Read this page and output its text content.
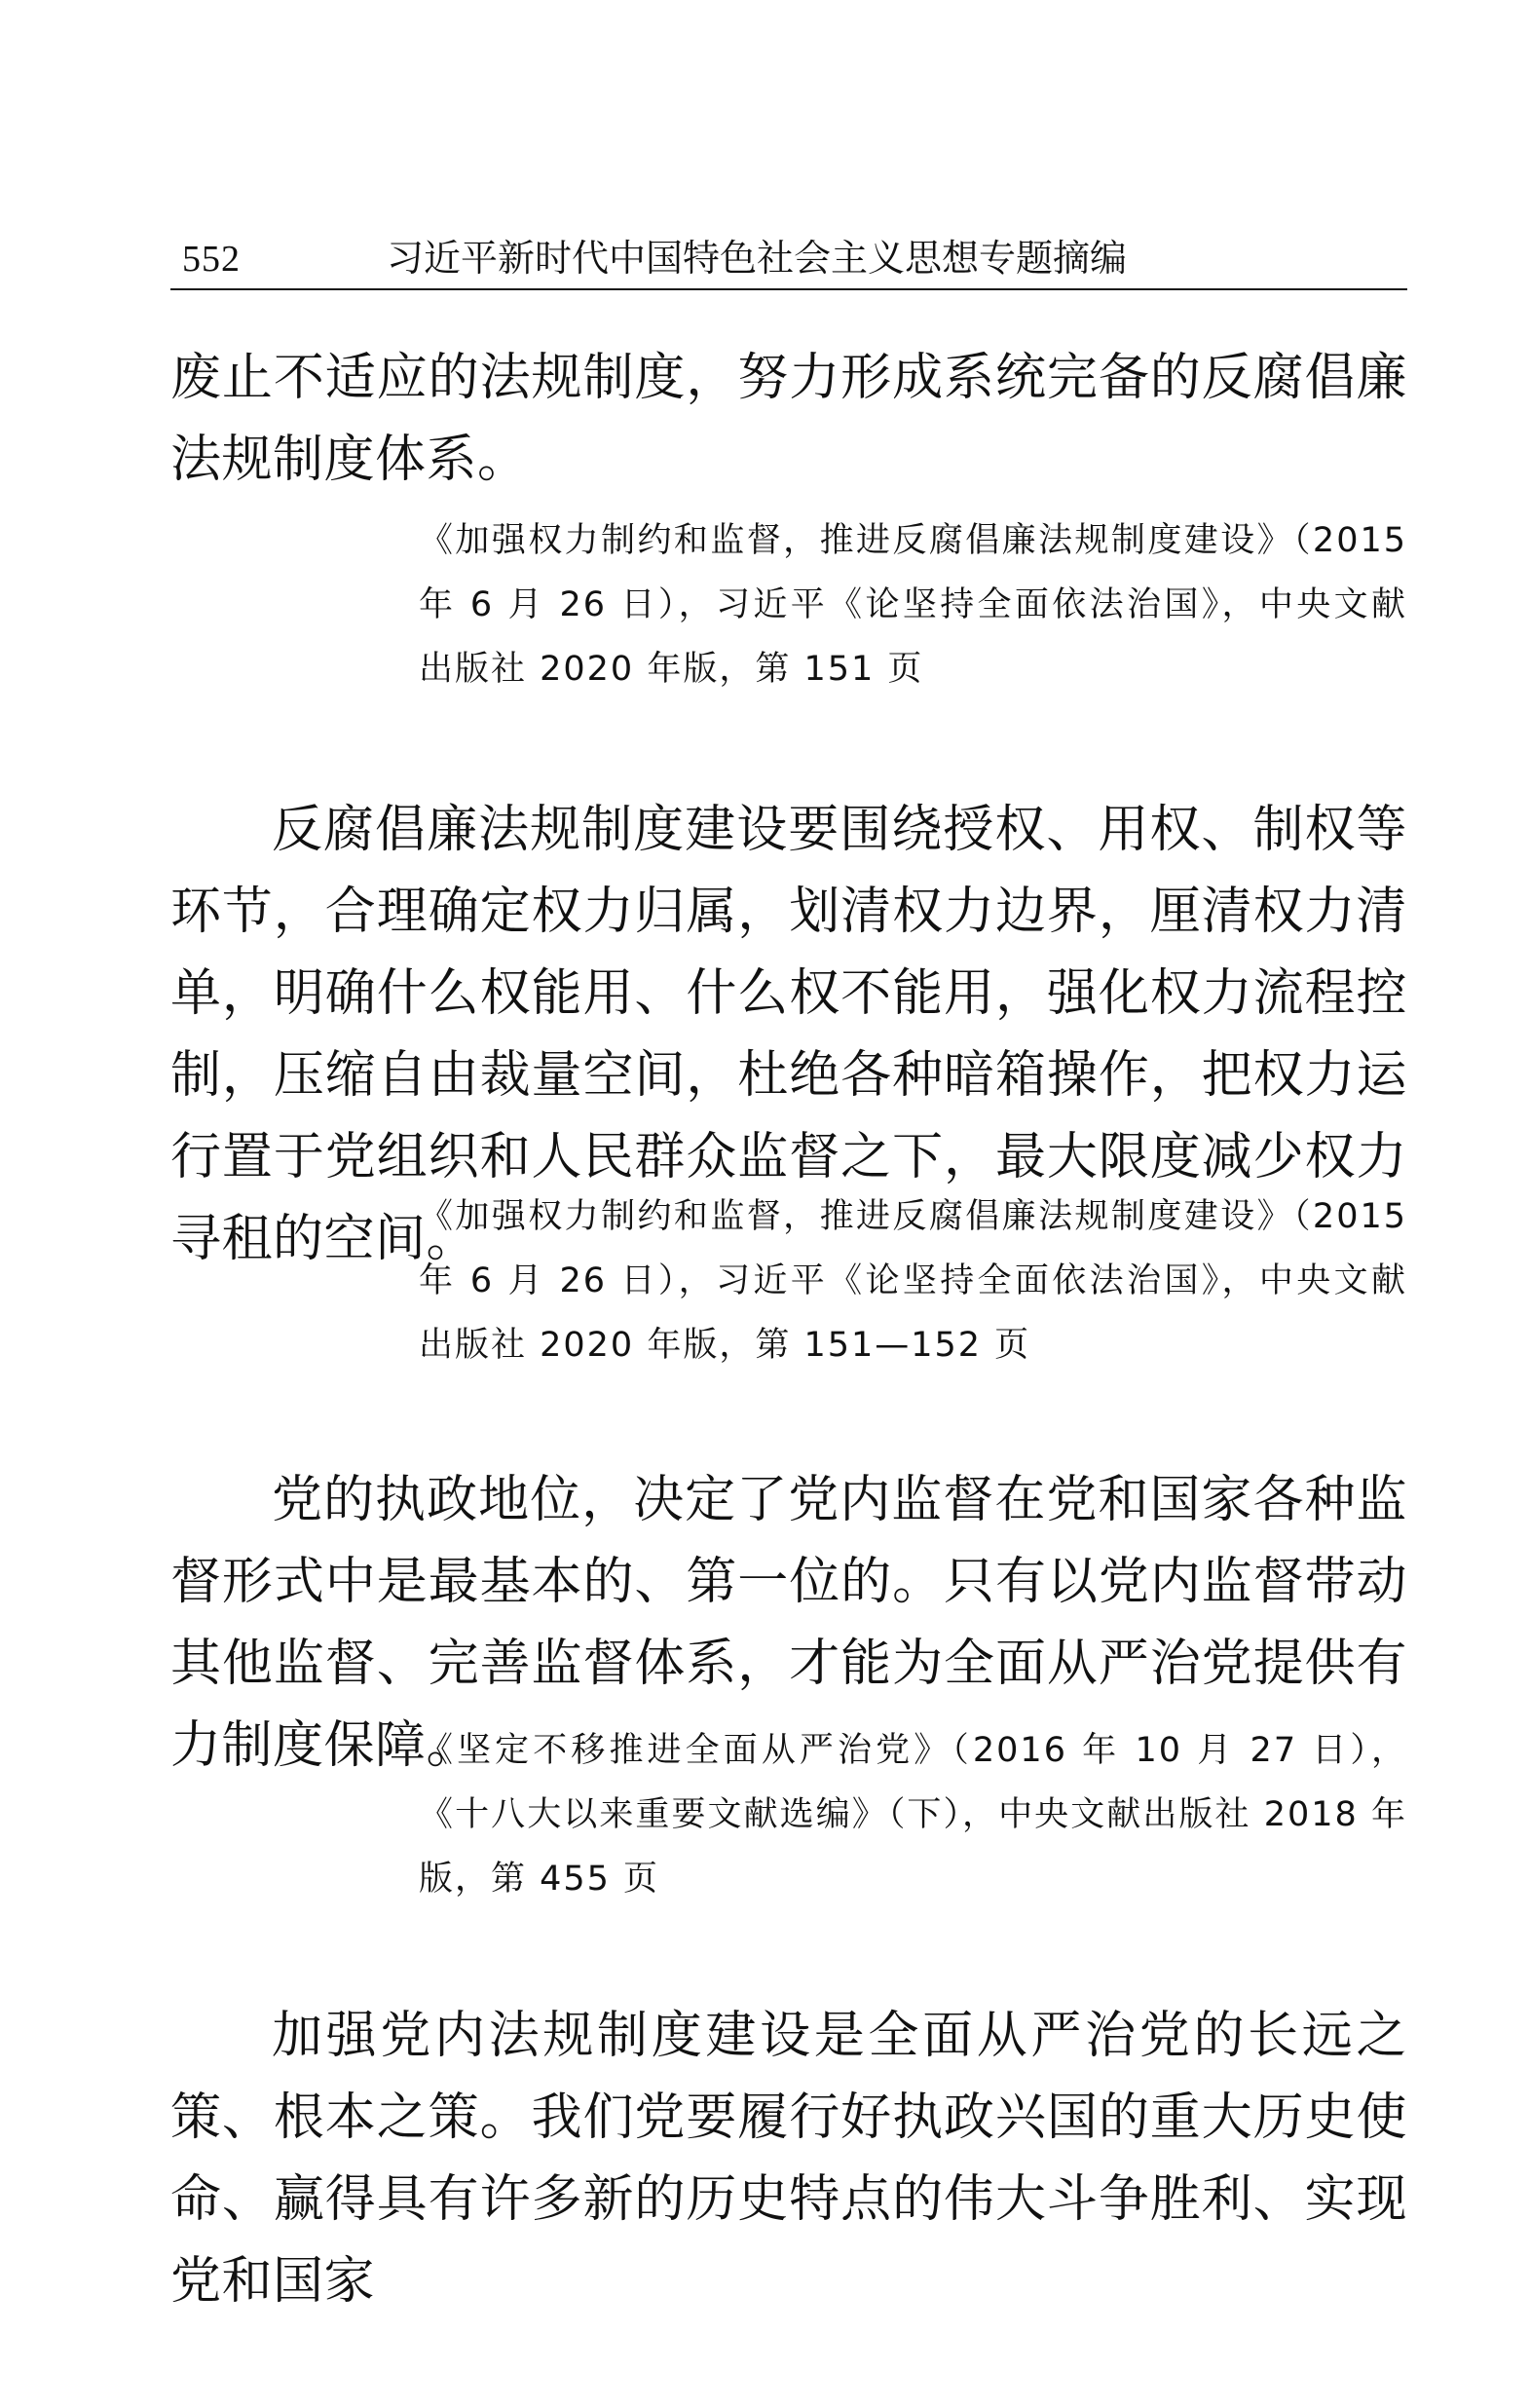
552	习近平新时代中国特色社会主义思想专题摘编

废止不适应的法规制度，努力形成系统完备的反腐倡廉法规制度体系。

《加强权力制约和监督，推进反腐倡廉法规制度建设》（2015 年 6 月 26 日），习近平《论坚持全面依法治国》，中央文献出版社 2020 年版，第 151 页

反腐倡廉法规制度建设要围绕授权、用权、制权等环节，合理确定权力归属，划清权力边界，厘清权力清单，明确什么权能用、什么权不能用，强化权力流程控制，压缩自由裁量空间，杜绝各种暗箱操作，把权力运行置于党组织和人民群众监督之下，最大限度减少权力寻租的空间。

《加强权力制约和监督，推进反腐倡廉法规制度建设》（2015 年 6 月 26 日），习近平《论坚持全面依法治国》，中央文献出版社 2020 年版，第 151—152 页

党的执政地位，决定了党内监督在党和国家各种监督形式中是最基本的、第一位的。只有以党内监督带动其他监督、完善监督体系，才能为全面从严治党提供有力制度保障。

《坚定不移推进全面从严治党》（2016 年 10 月 27 日），《十八大以来重要文献选编》（下），中央文献出版社 2018 年版，第 455 页

加强党内法规制度建设是全面从严治党的长远之策、根本之策。我们党要履行好执政兴国的重大历史使命、赢得具有许多新的历史特点的伟大斗争胜利、实现党和国家
